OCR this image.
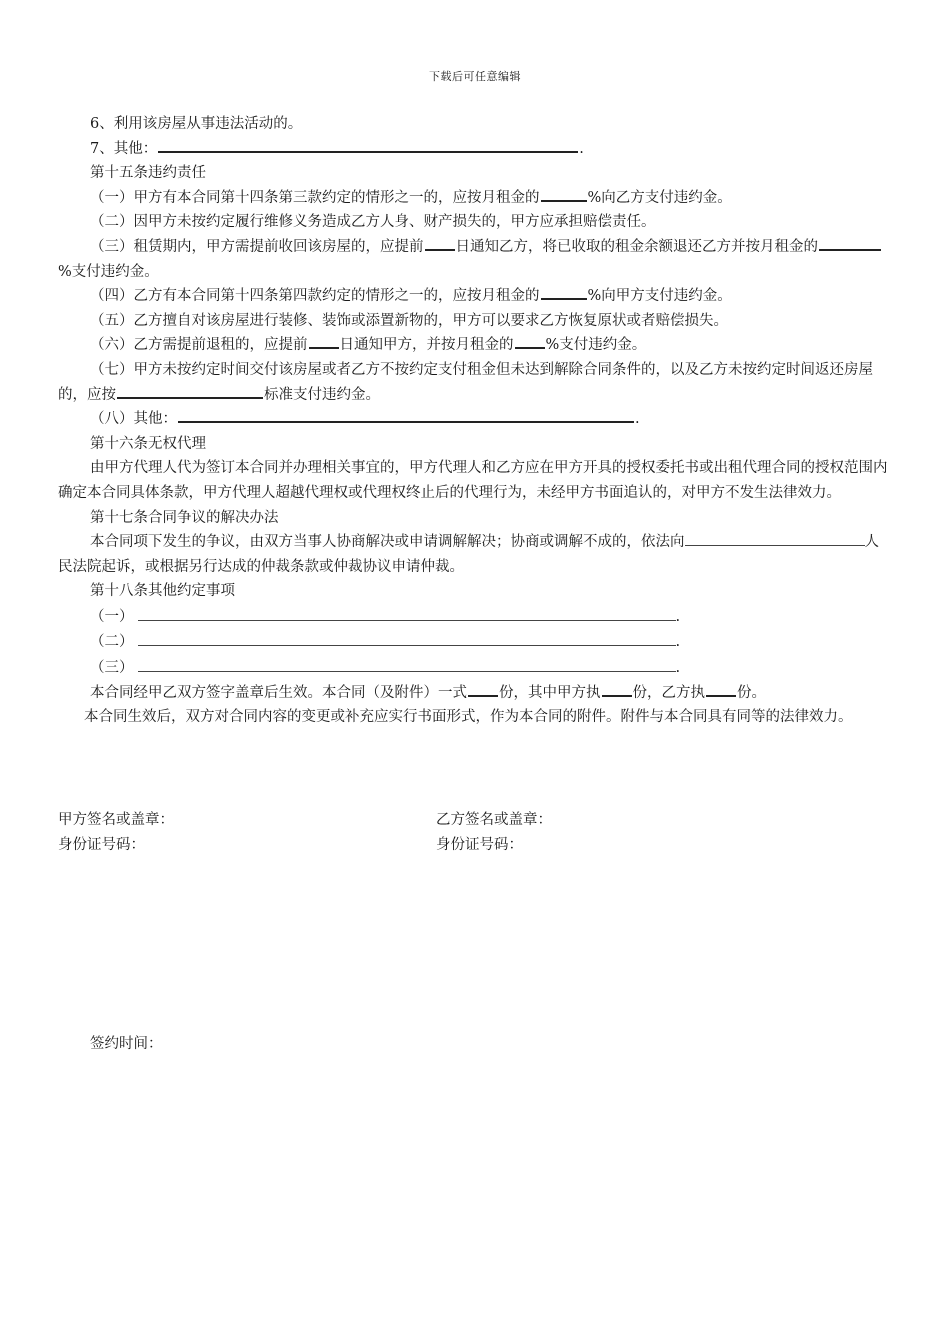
下载后可任意编辑

6、利用该房屋从事违法活动的。

7、其他：	.

第十五条违约责任

（一）甲方有本合同第十四条第三款约定的情形之一的，应按月租金的	%向乙方支付违约金。

（二）因甲方未按约定履行维修义务造成乙方人身、财产损失的，甲方应承担赔偿责任。

（三）租赁期内，甲方需提前收回该房屋的，应提前 日通知乙方，将已收取的租金余额退还乙方并按月租金的%支付违约金。

（四）乙方有本合同第十四条第四款约定的情形之一的，应按月租金的	%向甲方支付违约金。

（五）乙方擅自对该房屋进行装修、装饰或添置新物的，甲方可以要求乙方恢复原状或者赔偿损失。

（六）乙方需提前退租的，应提前 日通知甲方，并按月租金的 %支付违约金。

（七）甲方未按约定时间交付该房屋或者乙方不按约定支付租金但未达到解除合同条件的，以及乙方未按约定时间返还房屋的，应按	标准支付违约金。

（八）其他：	.

第十六条无权代理

由甲方代理人代为签订本合同并办理相关事宜的，甲方代理人和乙方应在甲方开具的授权委托书或出租代理合同的授权范围内确定本合同具体条款，甲方代理人超越代理权或代理权终止后的代理行为，未经甲方书面追认的，对甲方不发生法律效力。

第十七条合同争议的解决办法

本合同项下发生的争议，由双方当事人协商解决或申请调解解决；协商或调解不成的，依法向	人民法院起诉，或根据另行达成的仲裁条款或仲裁协议申请仲裁。

第十八条其他约定事项

（一）	.
（二）	.
（三）	.

本合同经甲乙双方签字盖章后生效。本合同（及附件）一式 份，其中甲方执 份，乙方执 份。

本合同生效后，双方对合同内容的变更或补充应实行书面形式，作为本合同的附件。附件与本合同具有同等的法律效力。

甲方签名或盖章：	乙方签名或盖章：
身份证号码：	身份证号码：
签约时间：
